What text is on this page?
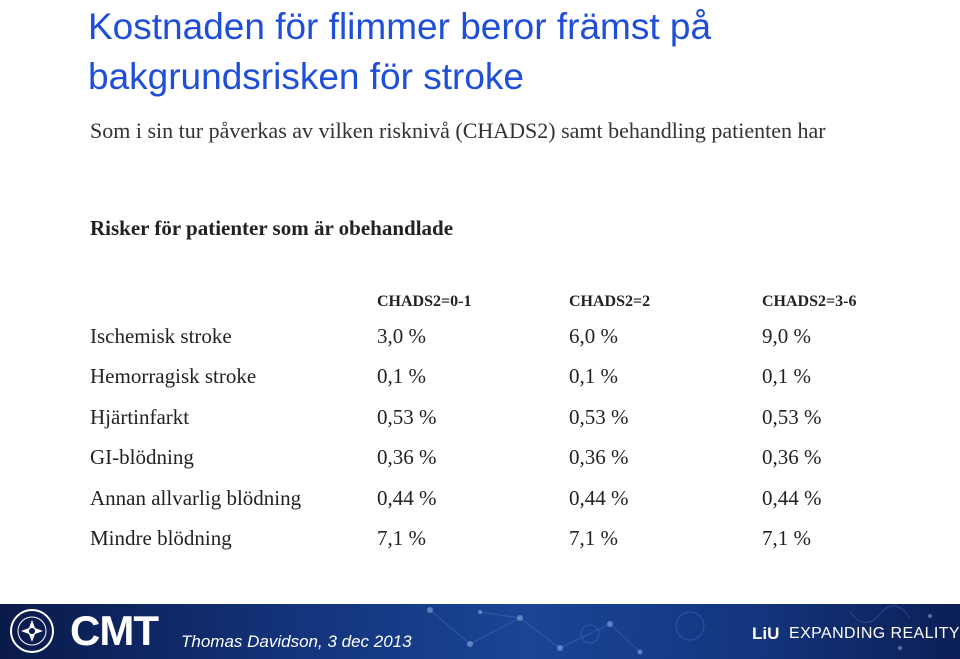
Kostnaden för flimmer beror främst på bakgrundsrisken för stroke

Som i sin tur påverkas av vilken risknivå (CHADS2) samt behandling patienten har

Risker för patienter som är obehandlade

	CHADS2=0-1	CHADS2=2	CHADS2=3-6
Ischemisk stroke	3,0 %	6,0 %	9,0 %
Hemorragisk stroke	0,1 %	0,1 %	0,1 %
Hjärtinfarkt	0,53 %	0,53 %	0,53 %
GI-blödning	0,36 %	0,36 %	0,36 %
Annan allvarlig blödning	0,44 %	0,44 %	0,44 %
Mindre blödning	7,1 %	7,1 %	7,1 %
CMT Thomas Davidson, 3 dec 2013	LiU EXPANDING REALITY
